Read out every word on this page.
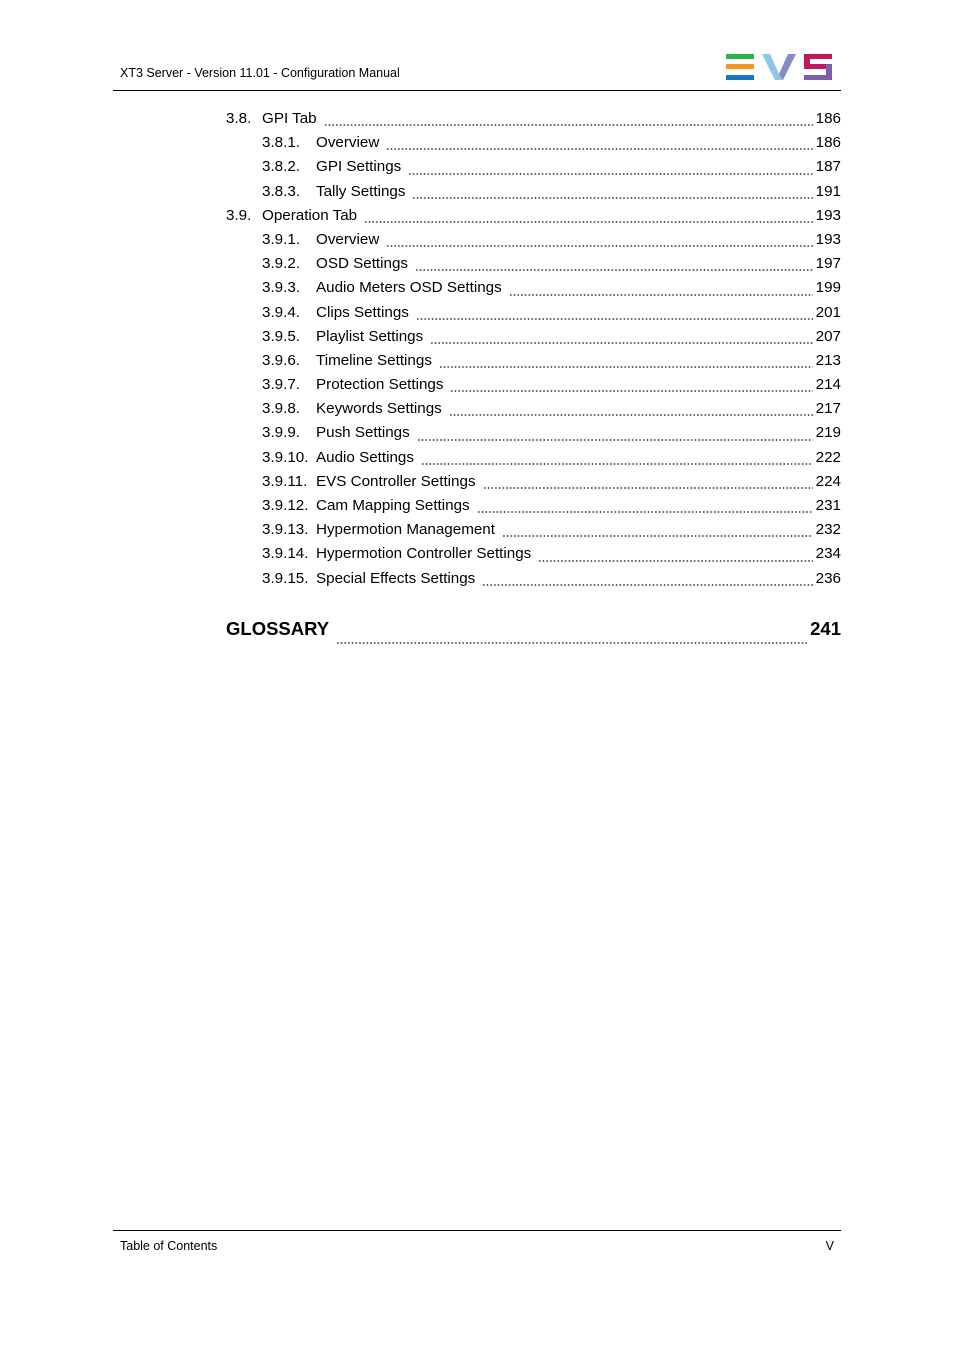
XT3 Server - Version 11.01 - Configuration Manual
3.8. GPI Tab	186
3.8.1.	Overview	186
3.8.2.	GPI Settings	187
3.8.3.	Tally Settings	191
3.9. Operation Tab	193
3.9.1.	Overview	193
3.9.2.	OSD Settings	197
3.9.3.	Audio Meters OSD Settings	199
3.9.4.	Clips Settings	201
3.9.5.	Playlist Settings	207
3.9.6.	Timeline Settings	213
3.9.7.	Protection Settings	214
3.9.8.	Keywords Settings	217
3.9.9.	Push Settings	219
3.9.10. Audio Settings	222
3.9.11. EVS Controller Settings	224
3.9.12. Cam Mapping Settings	231
3.9.13. Hypermotion Management	232
3.9.14. Hypermotion Controller Settings	234
3.9.15. Special Effects Settings	236
GLOSSARY	241
Table of Contents	V
